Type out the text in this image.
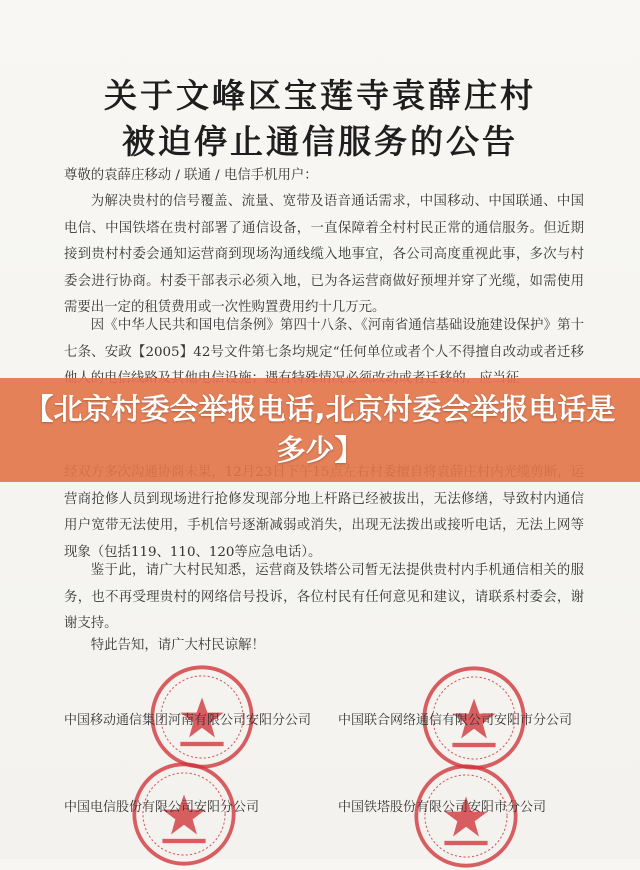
关于文峰区宝莲寺袁薛庄村
被迫停止通信服务的公告
尊敬的袁薛庄移动 / 联通 / 电信手机用户：
为解决贵村的信号覆盖、流量、宽带及语音通话需求，中国移动、中国联通、中国电信、中国铁塔在贵村部署了通信设备，一直保障着全村村民正常的通信服务。但近期接到贵村村委会通知运营商到现场沟通线缆入地事宜，各公司高度重视此事，多次与村委会进行协商。村委干部表示必须入地，已为各运营商做好预埋并穿了光缆，如需使用需要出一定的租赁费用或一次性购置费用约十几万元。
因《中华人民共和国电信条例》第四十八条、《河南省通信基础设施建设保护》第十七条、安政【2005】42号文件第七条均规定“任何单位或者个人不得擅自改动或者迁移
营商抢修人员到现场进行抢修发现部分地上杆路已经被拔出，无法修缮，导致村内通信用户宽带无法使用，手机信号逐渐减弱或消失，出现无法拨出或接听电话，无法上网等现象（包括119、110、120等应急电话）。
鉴于此，请广大村民知悉，运营商及铁塔公司暂无法提供贵村内手机通信相关的服务，也不再受理贵村的网络信号投诉，各位村民有任何意见和建议，请联系村委会，谢谢支持。
特此告知，请广大村民谅解！
中国移动通信集团河南有限公司安阳分公司 中国联合网络通信有限公司安阳市分公司
中国电信股份有限公司安阳分公司	中国铁塔股份有限公司安阳市分公司
【北京村委会举报电话,北京村委会举报电话是多少】
